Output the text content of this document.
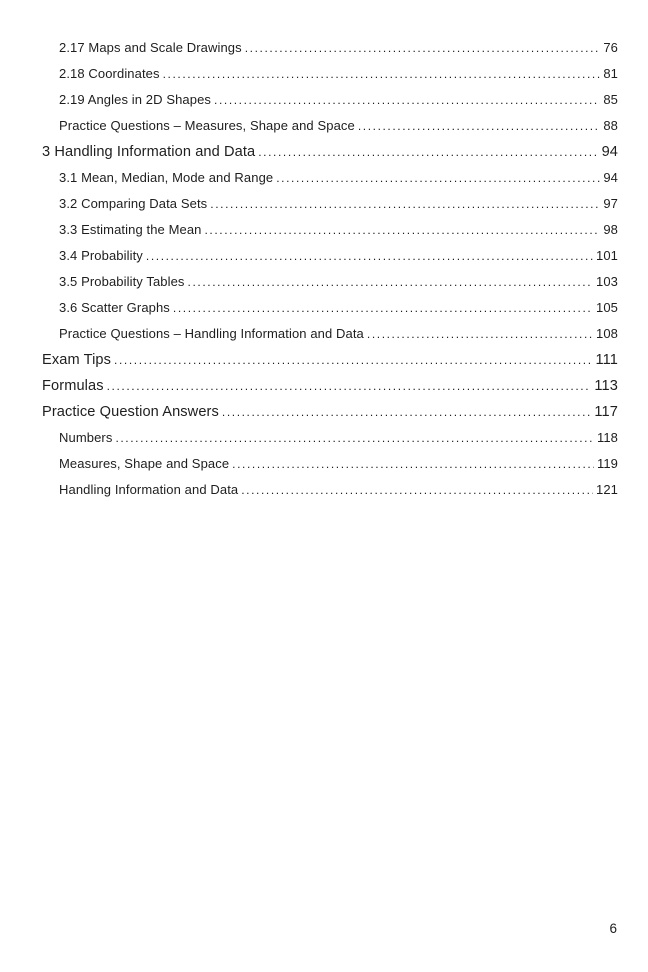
2.17 Maps and Scale Drawings .....	76
2.18 Coordinates .....	81
2.19 Angles in 2D Shapes .....	85
Practice Questions – Measures, Shape and Space .....	88
3 Handling Information and Data .....	94
3.1 Mean, Median, Mode and Range .....	94
3.2 Comparing Data Sets .....	97
3.3 Estimating the Mean .....	98
3.4 Probability .....	101
3.5 Probability Tables .....	103
3.6 Scatter Graphs .....	105
Practice Questions – Handling Information and Data .....	108
Exam Tips .....	111
Formulas .....	113
Practice Question Answers .....	117
Numbers .....	118
Measures, Shape and Space .....	119
Handling Information and Data .....	121
6
